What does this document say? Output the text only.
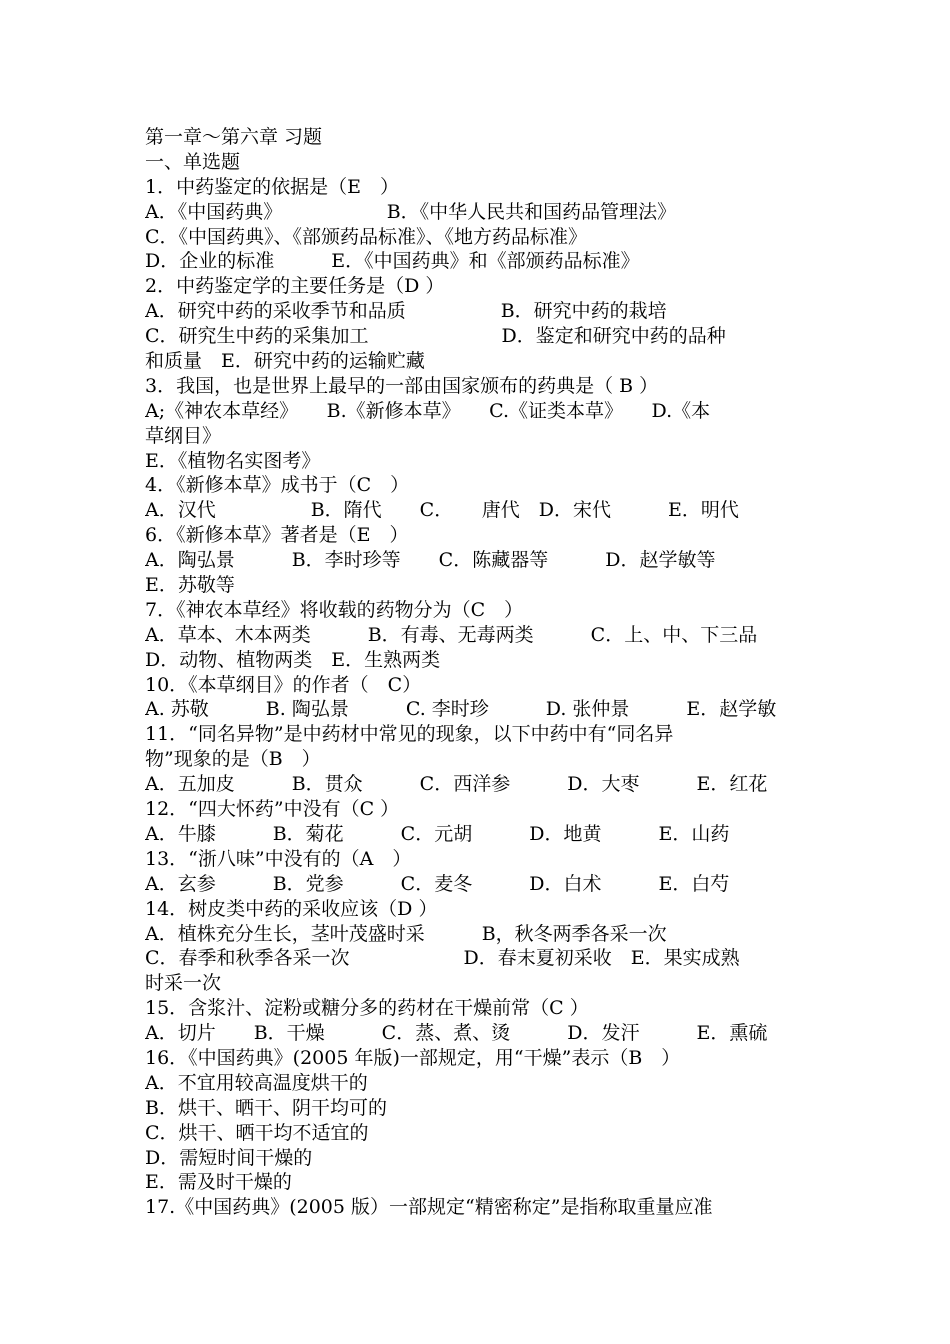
第一章～第六章 习题
一、单选题
1．中药鉴定的依据是（E　）
A．《中国药典》　　　　　　B．《中华人民共和国药品管理法》
C．《中国药典》、《部颁药品标准》、《地方药品标准》
D．企业的标准　　　E．《中国药典》和《部颁药品标准》
2．中药鉴定学的主要任务是（D ）
A．研究中药的采收季节和品质　　　　　B．研究中药的栽培
C．研究生中药的采集加工　　　　　　　D．鉴定和研究中药的品种
和质量　E．研究中药的运输贮藏
3．我国，也是世界上最早的一部由国家颁布的药典是（ B ）
A;《神农本草经》　　B.《新修本草》　　C.《证类本草》　　D.《本
草纲目》
E．《植物名实图考》
4．《新修本草》成书于（C　）
A．汉代　　　　　B．隋代　　C．　　唐代　D．宋代　　　E．明代
6．《新修本草》著者是（E　）
A．陶弘景　　　B．李时珍等　　C．陈藏器等　　　D．赵学敏等
E．苏敬等
7．《神农本草经》将收载的药物分为（C　）
A．草本、木本两类　　　B．有毒、无毒两类　　　C．上、中、下三品
D．动物、植物两类　E．生熟两类
10．《本草纲目》的作者（　C）
A. 苏敬　　　B. 陶弘景　　　C. 李时珍　　　D. 张仲景　　　E．赵学敏
11．“同名异物”是中药材中常见的现象，以下中药中有“同名异
物”现象的是（B　）
A．五加皮　　　B．贯众　　　C．西洋参　　　D．大枣　　　E．红花
12．“四大怀药”中没有（C ）
A．牛膝　　　B．菊花　　　C．元胡　　　D．地黄　　　E．山药
13．“浙八味”中没有的（A　）
A．玄参　　　B．党参　　　C．麦冬　　　D．白术　　　E．白芍
14．树皮类中药的采收应该（D ）
A．植株充分生长，茎叶茂盛时采　　　B，秋冬两季各采一次
C．春季和秋季各采一次　　　　　　D．春末夏初采收　E．果实成熟
时采一次
15．含浆汁、淀粉或糖分多的药材在干燥前常（C ）
A．切片　　B．干燥　　　C．蒸、煮、烫　　　D．发汗　　　E．熏硫
16．《中国药典》(2005 年版)一部规定，用“干燥”表示（B　）
A．不宜用较高温度烘干的
B．烘干、晒干、阴干均可的
C．烘干、晒干均不适宜的
D．需短时间干燥的
E．需及时干燥的
17.《中国药典》(2005 版）一部规定“精密称定”是指称取重量应准
